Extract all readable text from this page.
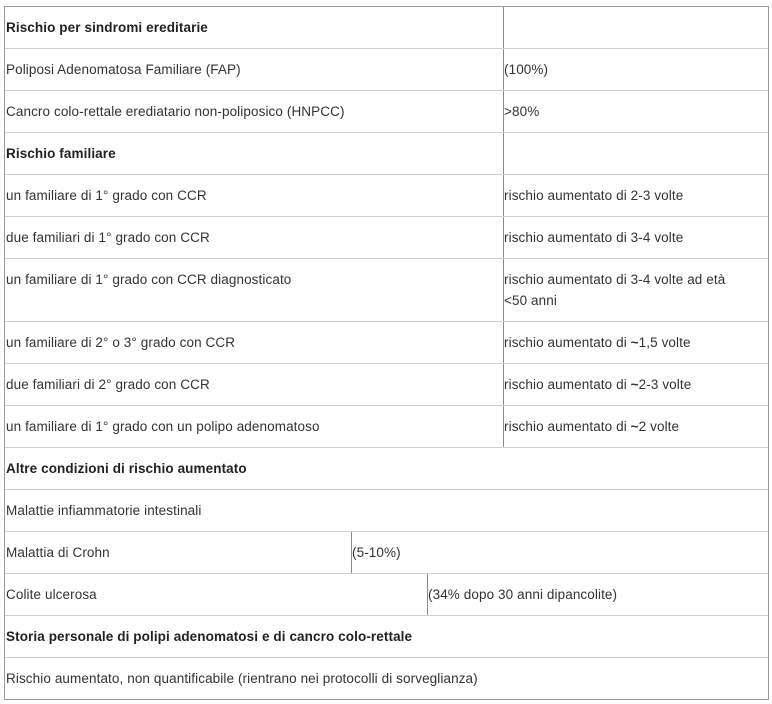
Rischio per sindromi ereditarie
Poliposi Adenomatosa Familiare (FAP)	(100%)
Cancro colo-rettale erediatario non-poliposico (HNPCC)	>80%
Rischio familiare
un familiare di 1° grado con CCR	rischio aumentato di 2-3 volte
due familiari di 1° grado con CCR	rischio aumentato di 3-4 volte
un familiare di 1° grado con CCR diagnosticato	rischio aumentato di 3-4 volte ad età
<50 anni
un familiare di 2° o 3° grado con CCR	rischio aumentato di ~ 1,5 volte
due familiari di 2° grado con CCR	rischio aumentato di ~ 2-3 volte
un familiare di 1° grado con un polipo adenomatoso	rischio aumentato di ~ 2 volte
Altre condizioni di rischio aumentato
Malattie infiammatorie intestinali
Malattia di Crohn	(5-10%)
Colite ulcerosa	(34% dopo 30 anni dipancolite)
Storia personale di polipi adenomatosi e di cancro colo-rettale
Rischio aumentato, non quantificabile (rientrano nei protocolli di sorveglianza)
